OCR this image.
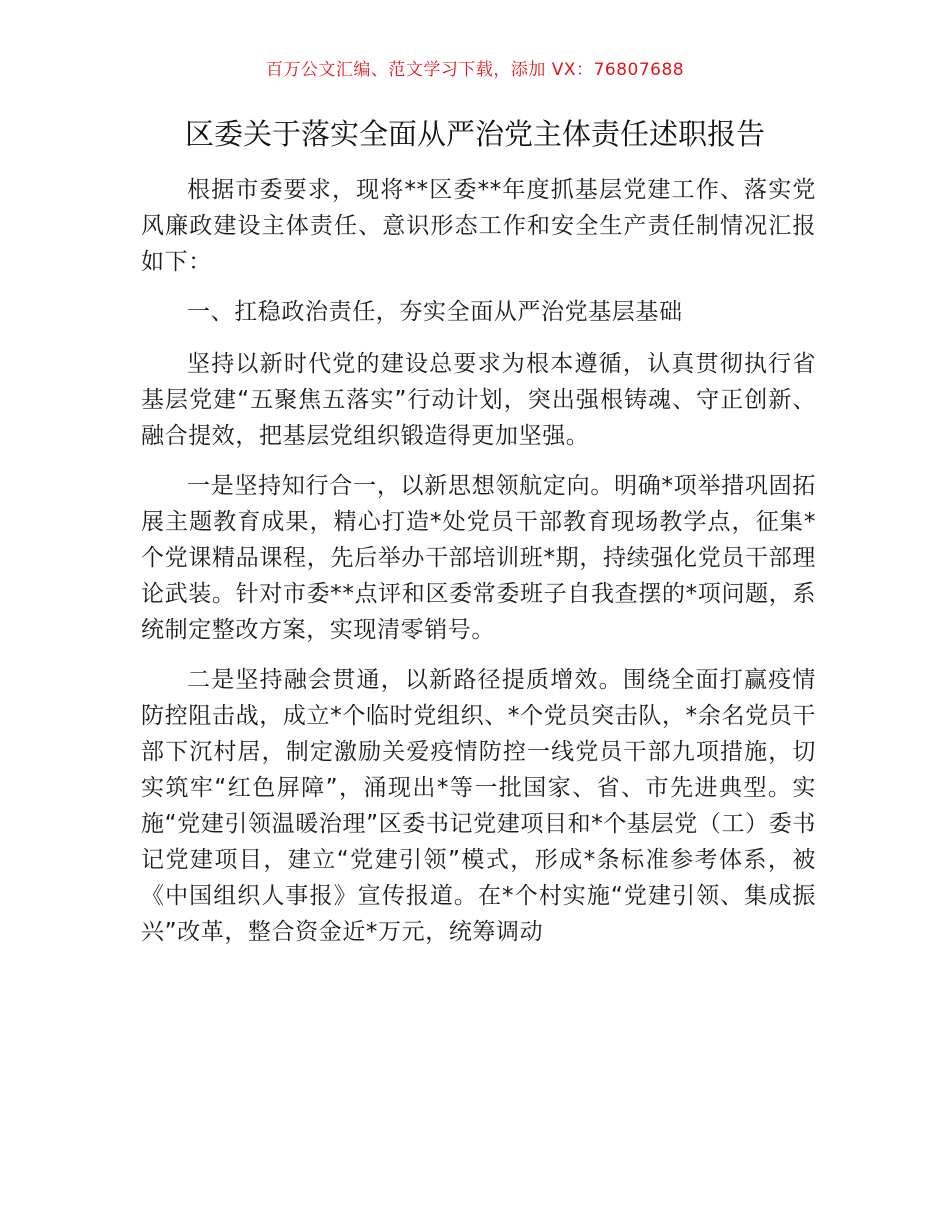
百万公文汇编、范文学习下载，添加 VX：76807688
区委关于落实全面从严治党主体责任述职报告

根据市委要求，现将**区委**年度抓基层党建工作、落实党风廉政建设主体责任、意识形态工作和安全生产责任制情况汇报如下：

一、扛稳政治责任，夯实全面从严治党基层基础

坚持以新时代党的建设总要求为根本遵循，认真贯彻执行省基层党建“五聚焦五落实”行动计划，突出强根铸魂、守正创新、融合提效，把基层党组织锻造得更加坚强。

一是坚持知行合一，以新思想领航定向。明确*项举措巩固拓展主题教育成果，精心打造*处党员干部教育现场教学点，征集*个党课精品课程，先后举办干部培训班*期，持续强化党员干部理论武装。针对市委**点评和区委常委班子自我查摆的*项问题，系统制定整改方案，实现清零销号。

二是坚持融会贯通，以新路径提质增效。围绕全面打赢疫情防控阻击战，成立*个临时党组织、*个党员突击队，*余名党员干部下沉村居，制定激励关爱疫情防控一线党员干部九项措施，切实筑牢“红色屏障”，涌现出*等一批国家、省、市先进典型。实施“党建引领温暖治理”区委书记党建项目和*个基层党（工）委书记党建项目，建立“党建引领”模式，形成*条标准参考体系，被《中国组织人事报》宣传报道。在*个村实施“党建引领、集成振兴”改革，整合资金近*万元，统筹调动
